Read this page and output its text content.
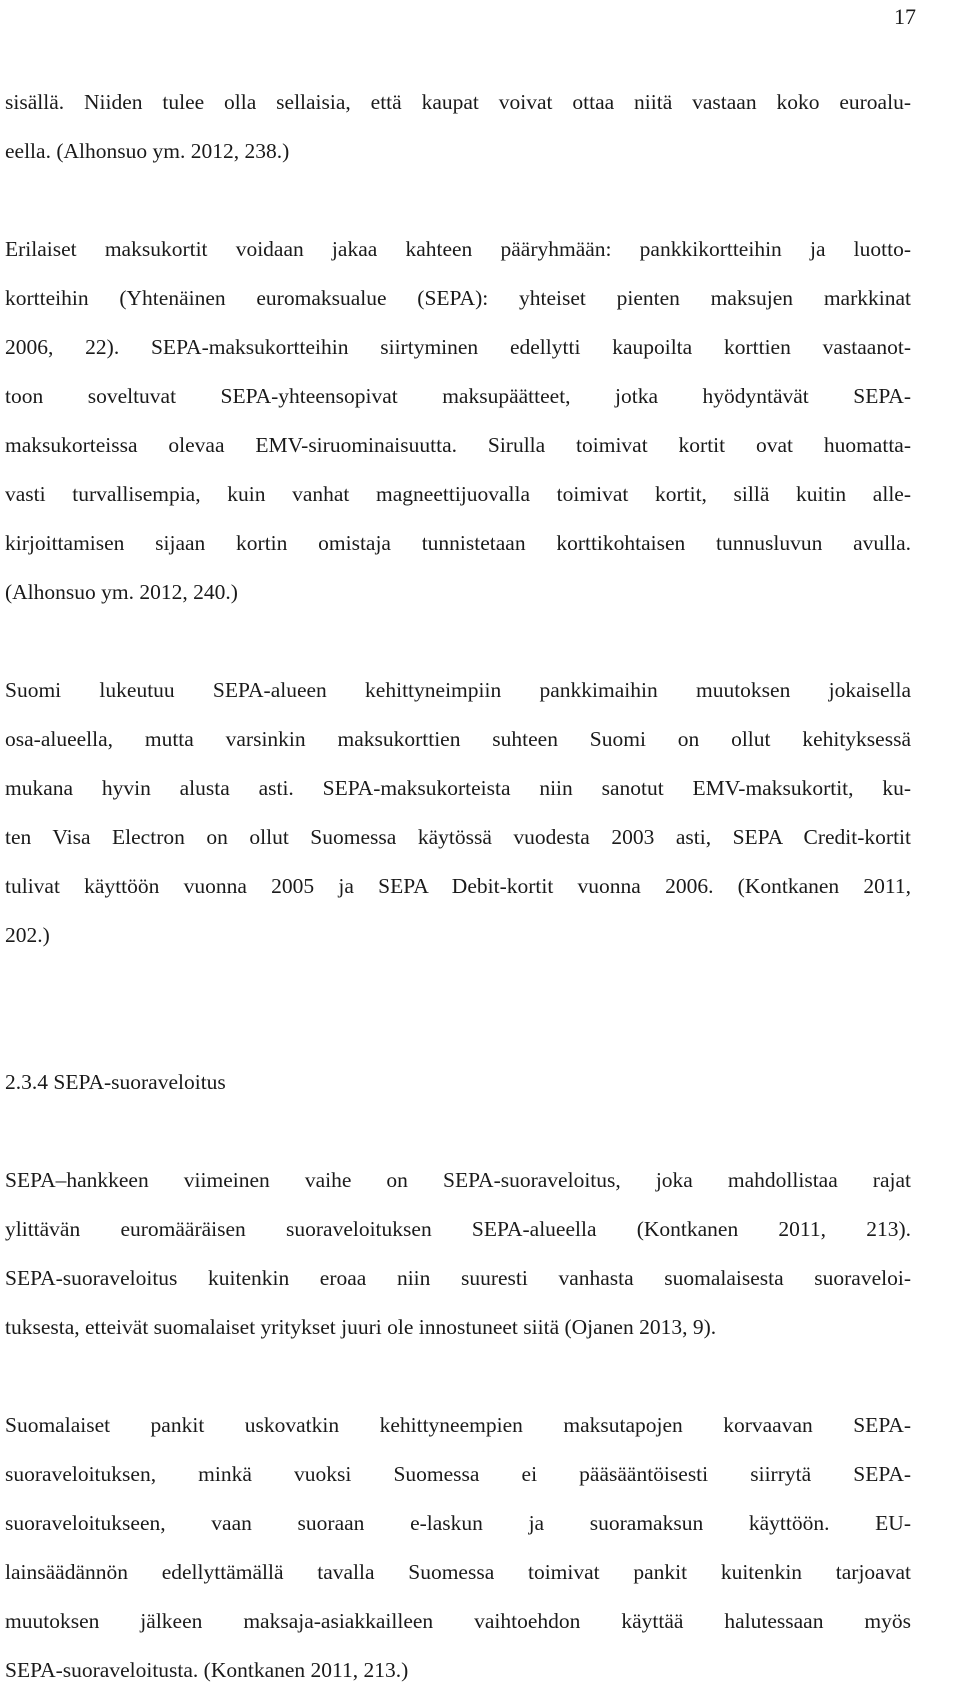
17

sisällä. Niiden tulee olla sellaisia, että kaupat voivat ottaa niitä vastaan koko euroalu-
eella. (Alhonsuo ym. 2012, 238.)

Erilaiset maksukortit voidaan jakaa kahteen pääryhmään: pankkikortteihin ja luotto-
kortteihin (Yhtenäinen euromaksualue (SEPA): yhteiset pienten maksujen markkinat
2006, 22). SEPA-maksukortteihin siirtyminen edellytti kaupoilta korttien vastaanot-
toon soveltuvat SEPA-yhteensopivat maksupäätteet, jotka hyödyntävät SEPA-
maksukorteissa olevaa EMV-siruominaisuutta. Sirulla toimivat kortit ovat huomatta-
vasti turvallisempia, kuin vanhat magneettijuovalla toimivat kortit, sillä kuitin alle-
kirjoittamisen sijaan kortin omistaja tunnistetaan korttikohtaisen tunnusluvun avulla.
(Alhonsuo ym. 2012, 240.)

Suomi lukeutuu SEPA-alueen kehittyneimpiin pankkimaihin muutoksen jokaisella
osa-alueella, mutta varsinkin maksukorttien suhteen Suomi on ollut kehityksessä
mukana hyvin alusta asti. SEPA-maksukorteista niin sanotut EMV-maksukortit, ku-
ten Visa Electron on ollut Suomessa käytössä vuodesta 2003 asti, SEPA Credit-kortit
tulivat käyttöön vuonna 2005 ja SEPA Debit-kortit vuonna 2006. (Kontkanen 2011,
202.)

2.3.4 SEPA-suoraveloitus

SEPA–hankkeen viimeinen vaihe on SEPA-suoraveloitus, joka mahdollistaa rajat
ylittävän euromääräisen suoraveloituksen SEPA-alueella (Kontkanen 2011, 213).
SEPA-suoraveloitus kuitenkin eroaa niin suuresti vanhasta suomalaisesta suoraveloi-
tuksesta, etteivät suomalaiset yritykset juuri ole innostuneet siitä (Ojanen 2013, 9).

Suomalaiset pankit uskovatkin kehittyneempien maksutapojen korvaavan SEPA-
suoraveloituksen, minkä vuoksi Suomessa ei pääsääntöisesti siirrytä SEPA-
suoraveloitukseen, vaan suoraan e-laskun ja suoramaksun käyttöön. EU-
lainsäädännön edellyttämällä tavalla Suomessa toimivat pankit kuitenkin tarjoavat
muutoksen jälkeen maksaja-asiakkailleen vaihtoehdon käyttää halutessaan myös
SEPA-suoraveloitusta. (Kontkanen 2011, 213.)
